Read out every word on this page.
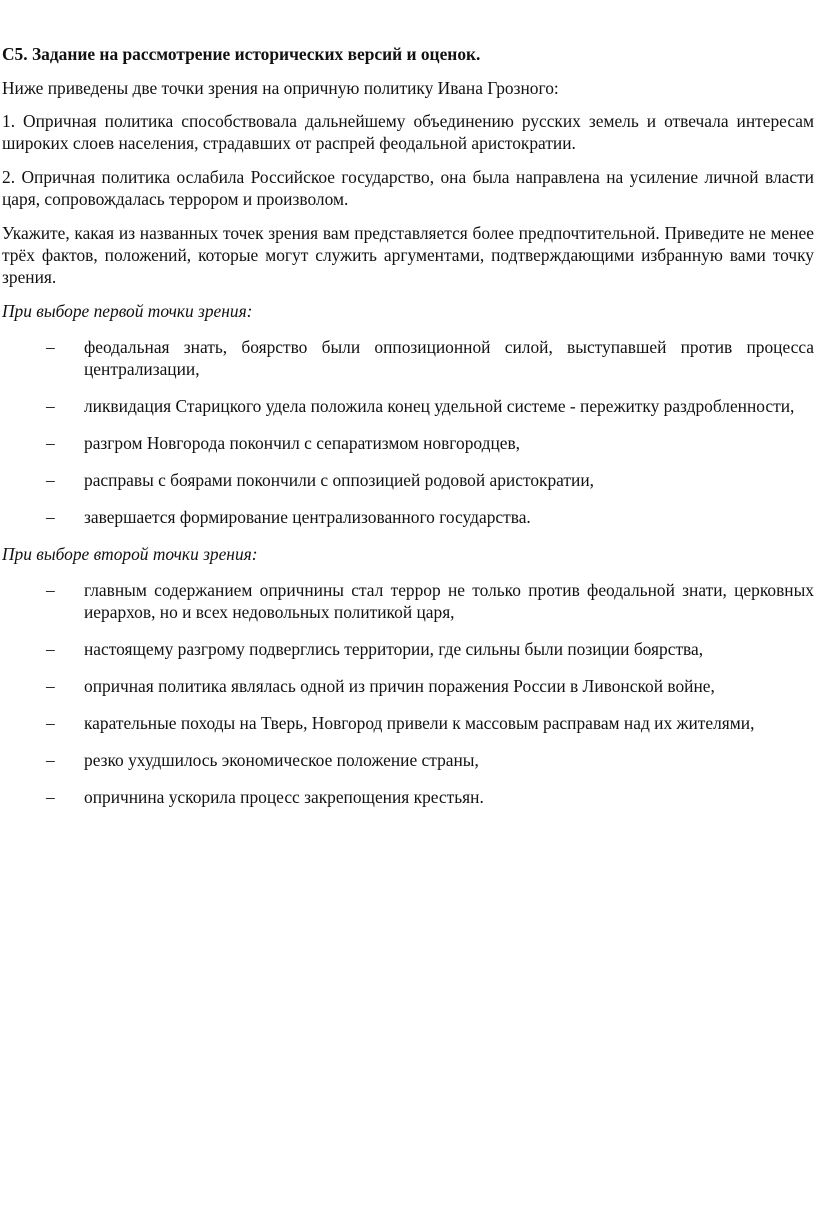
С5. Задание на рассмотрение исторических версий и оценок.

Ниже приведены две точки зрения на опричную политику Ивана Грозного:

1. Опричная политика способствовала дальнейшему объединению русских земель и отвечала интересам широких слоев населения, страдавших от распрей феодальной аристократии.

2. Опричная политика ослабила Российское государство, она была направлена на усиление личной власти царя, сопровождалась террором и произволом.

Укажите, какая из названных точек зрения вам представляется более предпочтительной. Приведите не менее трёх фактов, положений, которые могут служить аргументами, подтверждающими избранную вами точку зрения.

При выборе первой точки зрения:
– феодальная знать, боярство были оппозиционной силой, выступавшей против процесса централизации,
– ликвидация Старицкого удела положила конец удельной системе - пережитку раздробленности,
– разгром Новгорода покончил с сепаратизмом новгородцев,
– расправы с боярами покончили с оппозицией родовой аристократии,
– завершается формирование централизованного государства.
При выборе второй точки зрения:
– главным содержанием опричнины стал террор не только против феодальной знати, церковных иерархов, но и всех недовольных политикой царя,
– настоящему разгрому подверглись территории, где сильны были позиции боярства,
– опричная политика являлась одной из причин поражения России в Ливонской войне,
– карательные походы на Тверь, Новгород привели к массовым расправам над их жителями,
– резко ухудшилось экономическое положение страны,
– опричнина ускорила процесс закрепощения крестьян.
